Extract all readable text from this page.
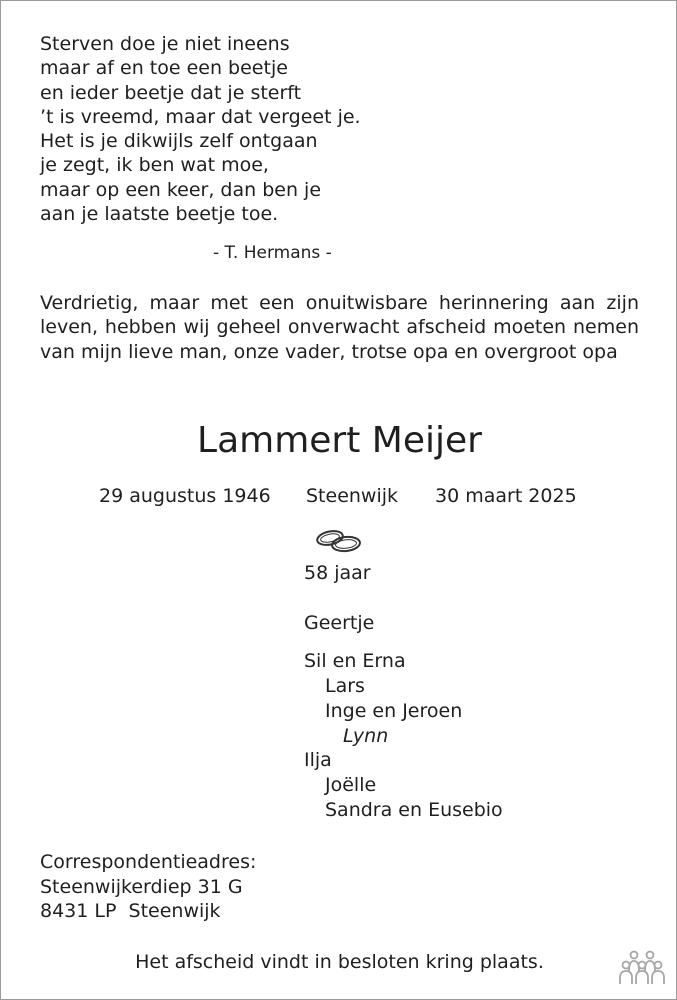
Sterven doe je niet ineens
maar af en toe een beetje
en ieder beetje dat je sterft
’t is vreemd, maar dat vergeet je.
Het is je dikwijls zelf ontgaan
je zegt, ik ben wat moe,
maar op een keer, dan ben je
aan je laatste beetje toe.
- T. Hermans -
Verdrietig, maar met een onuitwisbare herinnering aan zijn leven, hebben wij geheel onverwacht afscheid moeten nemen van mijn lieve man, onze vader, trotse opa en overgroot opa
Lammert Meijer
29 augustus 1946 Steenwijk 30 maart 2025
58 jaar
Geertje
Sil en Erna
Lars
Inge en Jeroen
Lynn
Ilja
Joëlle
Sandra en Eusebio
Correspondentieadres:
Steenwijkerdiep 31 G
8431 LP  Steenwijk
Het afscheid vindt in besloten kring plaats.
